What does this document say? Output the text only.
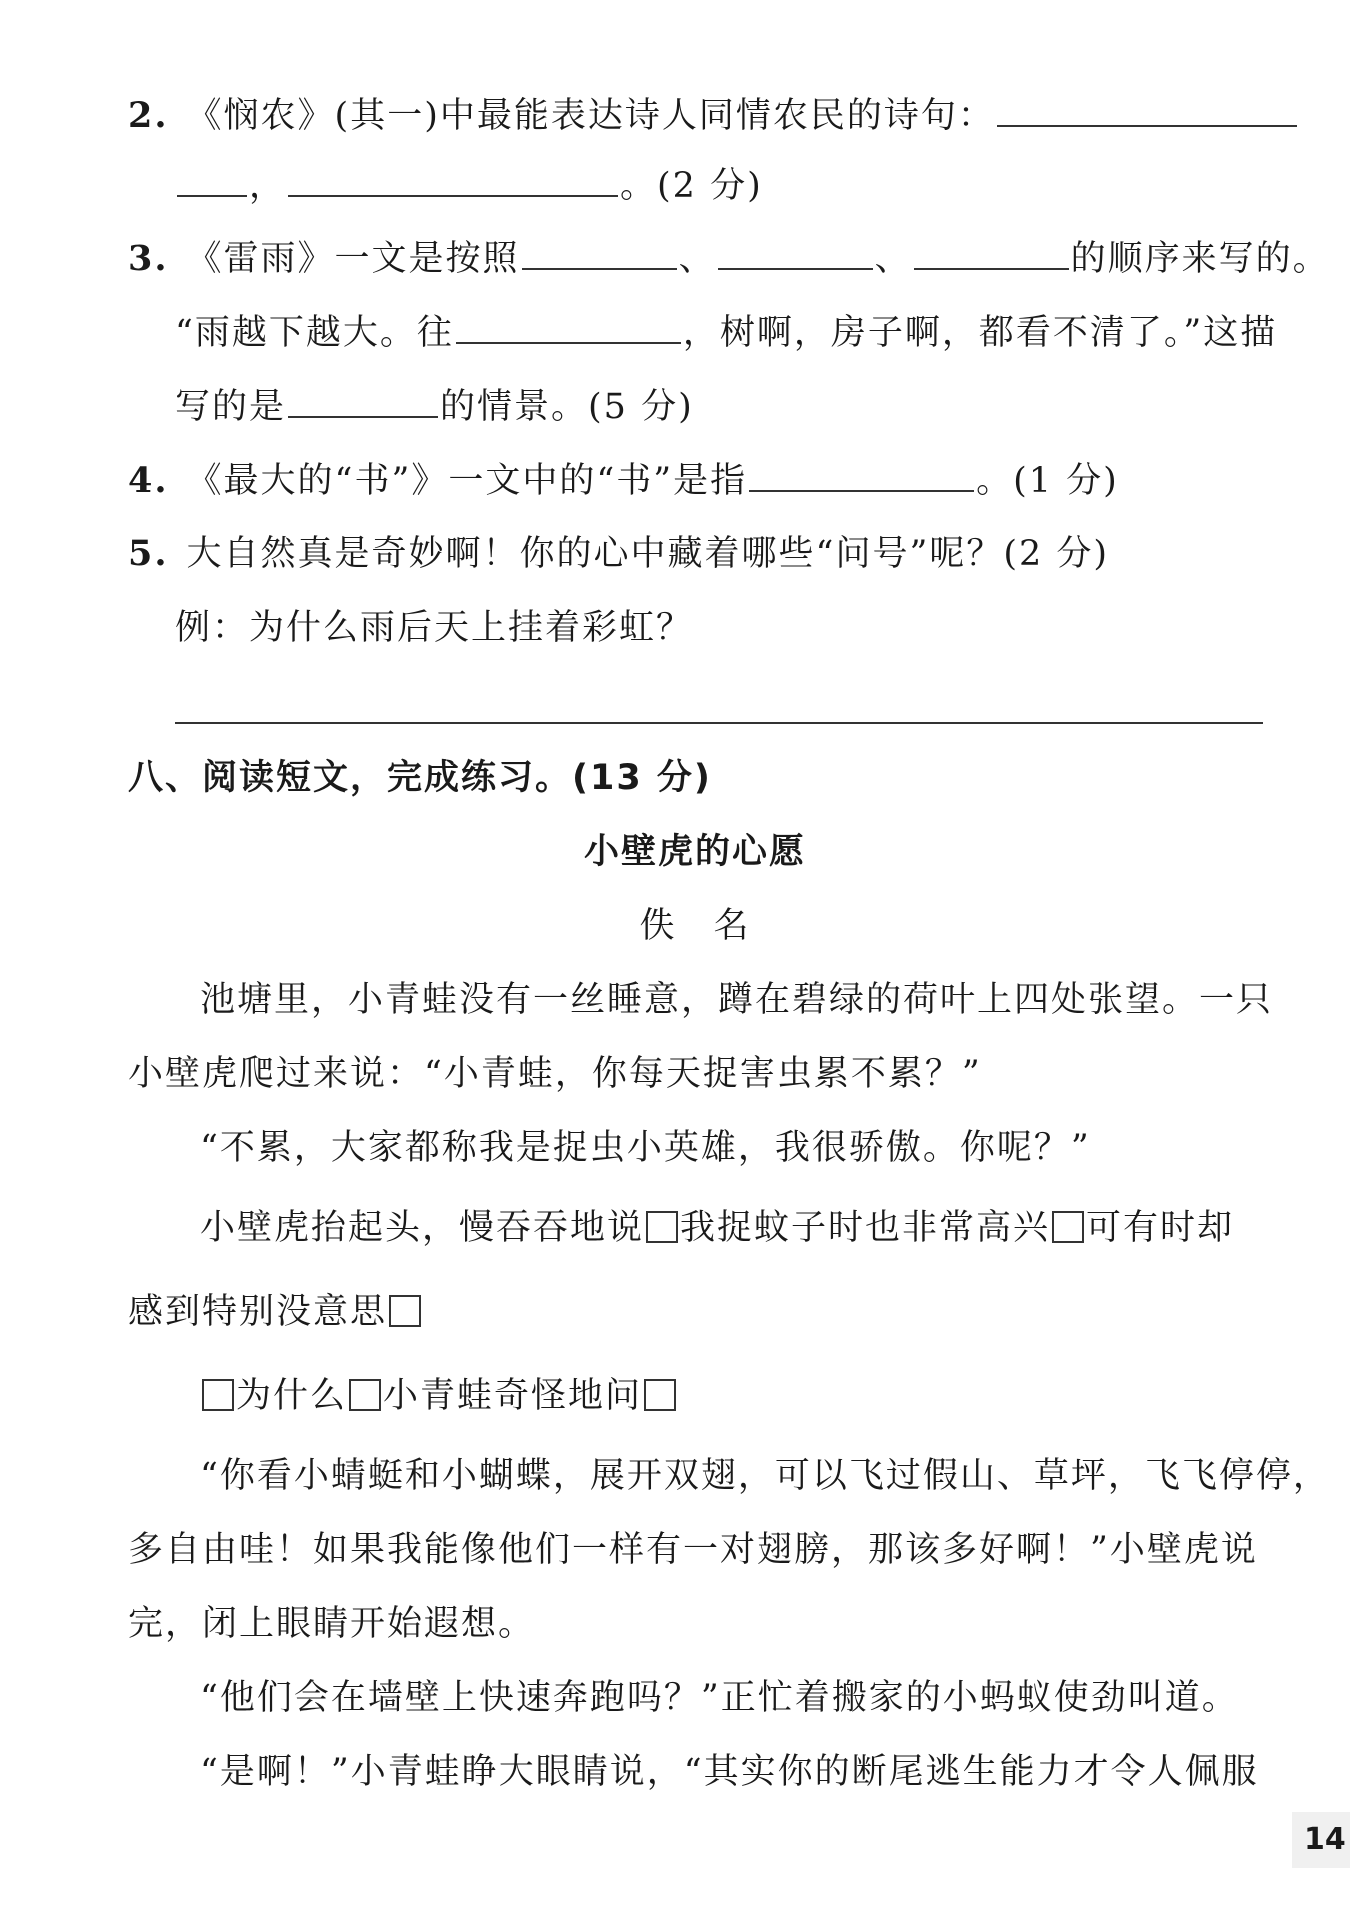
2. 《悯农》(其一)中最能表达诗人同情农民的诗句：
，	。(2 分)
3. 《雷雨》一文是按照	、	、	的顺序来写的。
“雨越下越大。往	，树啊，房子啊，都看不清了。”这描
写的是	的情景。(5 分)
4. 《最大的“书”》一文中的“书”是指	。(1 分)
5. 大自然真是奇妙啊！你的心中藏着哪些“问号”呢？(2 分)
例：为什么雨后天上挂着彩虹？
八、阅读短文，完成练习。(13 分)
小壁虎的心愿
佚　名
池塘里，小青蛙没有一丝睡意，蹲在碧绿的荷叶上四处张望。一只
小壁虎爬过来说：“小青蛙，你每天捉害虫累不累？”
“不累，大家都称我是捉虫小英雄，我很骄傲。你呢？”
小壁虎抬起头，慢吞吞地说 我捉蚊子时也非常高兴 可有时却
感到特别没意思
为什么 小青蛙奇怪地问
“你看小蜻蜓和小蝴蝶，展开双翅，可以飞过假山、草坪，飞飞停停，
多自由哇！如果我能像他们一样有一对翅膀，那该多好啊！”小壁虎说
完，闭上眼睛开始遐想。
“他们会在墙壁上快速奔跑吗？”正忙着搬家的小蚂蚁使劲叫道。
“是啊！”小青蛙睁大眼睛说，“其实你的断尾逃生能力才令人佩服
14
